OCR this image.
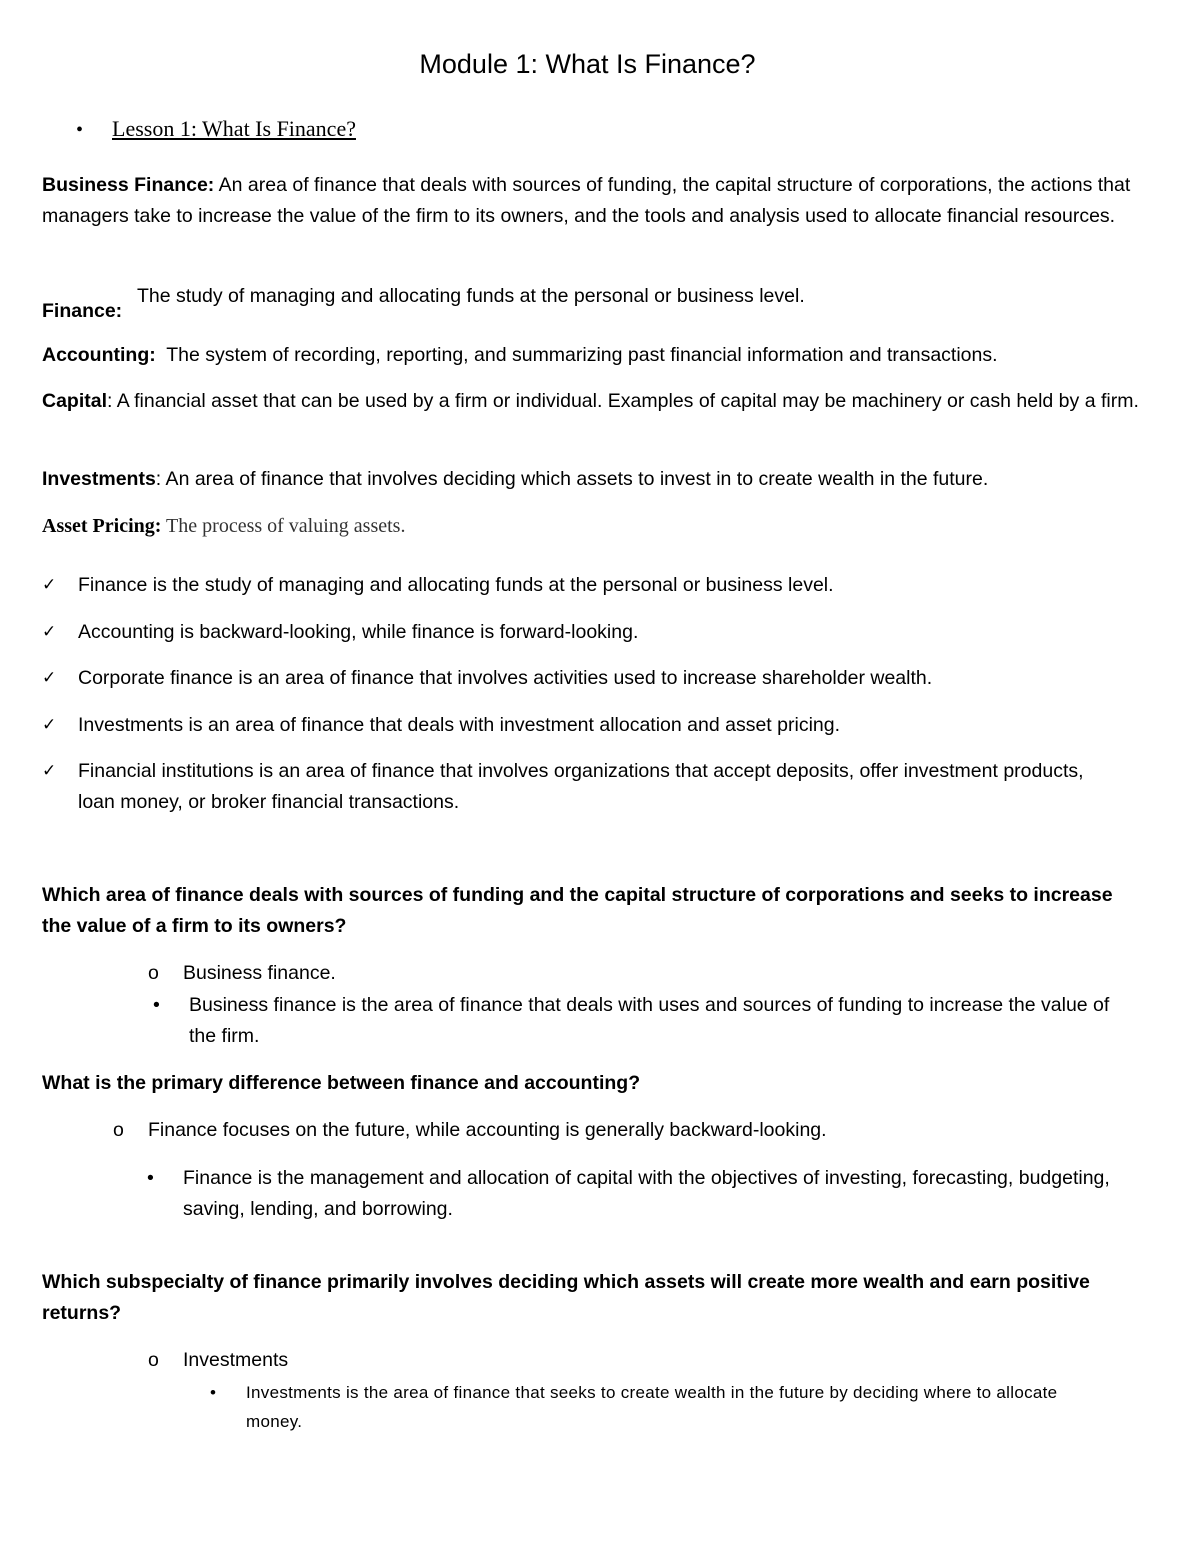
Module 1: What Is Finance?
• Lesson 1: What Is Finance?
Business Finance: An area of finance that deals with sources of funding, the capital structure of corporations, the actions that managers take to increase the value of the firm to its owners, and the tools and analysis used to allocate financial resources.
Finance:
The study of managing and allocating funds at the personal or business level.
Accounting:  The system of recording, reporting, and summarizing past financial information and transactions.
Capital: A financial asset that can be used by a firm or individual. Examples of capital may be machinery or cash held by a firm.
Investments: An area of finance that involves deciding which assets to invest in to create wealth in the future.
Asset Pricing: The process of valuing assets.
✓	Finance is the study of managing and allocating funds at the personal or business level.
✓	Accounting is backward-looking, while finance is forward-looking.
✓	Corporate finance is an area of finance that involves activities used to increase shareholder wealth.
✓	Investments is an area of finance that deals with investment allocation and asset pricing.
✓	Financial institutions is an area of finance that involves organizations that accept deposits, offer investment products, loan money, or broker financial transactions.
Which area of finance deals with sources of funding and the capital structure of corporations and seeks to increase the value of a firm to its owners?
o	Business finance.
•	Business finance is the area of finance that deals with uses and sources of funding to increase the value of the firm.
What is the primary difference between finance and accounting?
o	Finance focuses on the future, while accounting is generally backward-looking.
•	Finance is the management and allocation of capital with the objectives of investing, forecasting, budgeting, saving, lending, and borrowing.
Which subspecialty of finance primarily involves deciding which assets will create more wealth and earn positive returns?
o	Investments
•	Investments is the area of finance that seeks to create wealth in the future by deciding where to allocate money.
